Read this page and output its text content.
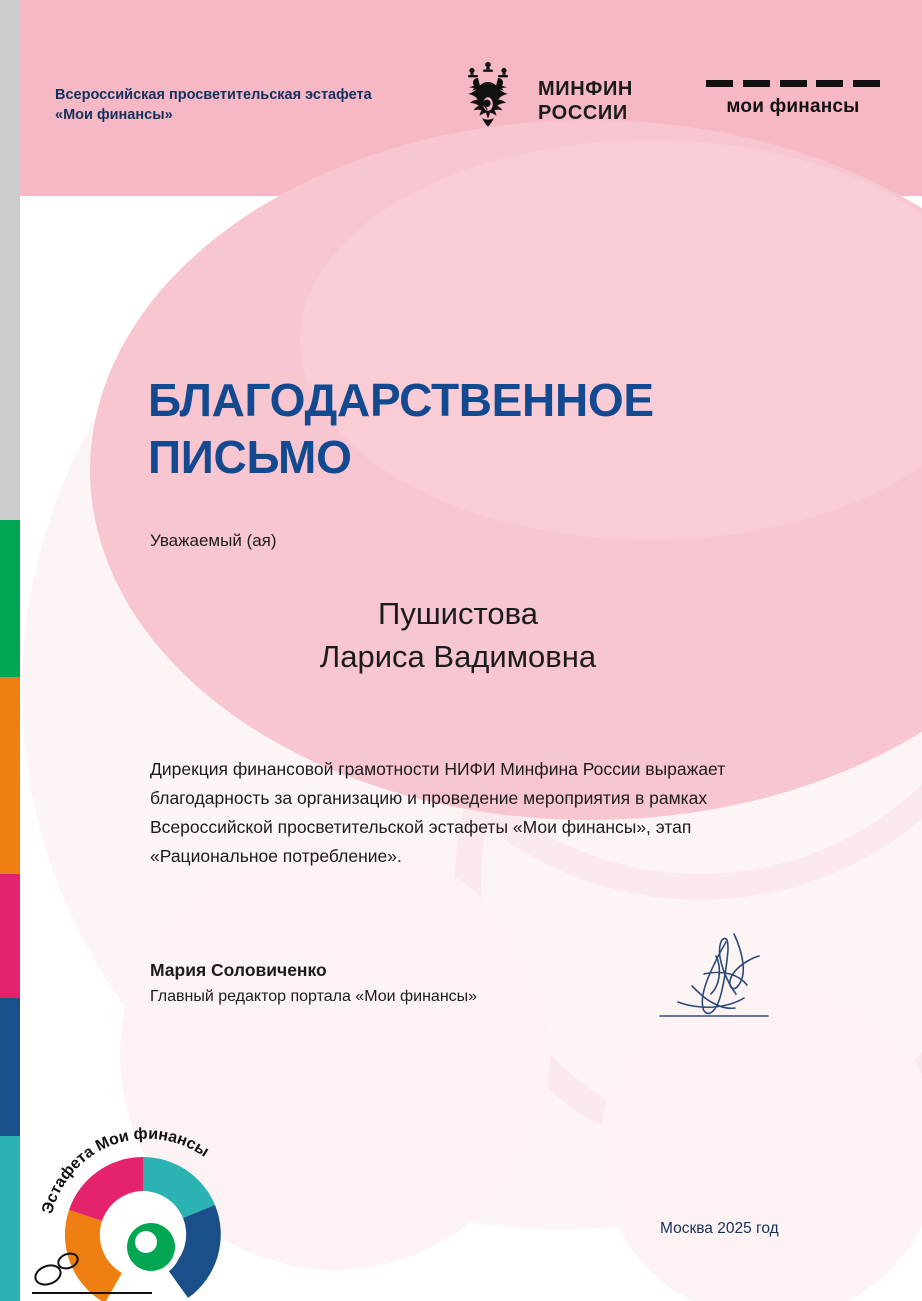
Всероссийская просветительская эстафета «Мои финансы»
МИНФИН
РОССИИ	мои финансы
БЛАГОДАРСТВЕННОЕ ПИСЬМО
Уважаемый (ая)
Пушистова
Лариса Вадимовна
Дирекция финансовой грамотности НИФИ Минфина России выражает благодарность за организацию и проведение мероприятия в рамках Всероссийской просветительской эстафеты «Мои финансы», этап «Рациональное потребление».
Мария Соловиченко
Главный редактор портала «Мои финансы»
Москва 2025 год
Эстафета Мои финансы
